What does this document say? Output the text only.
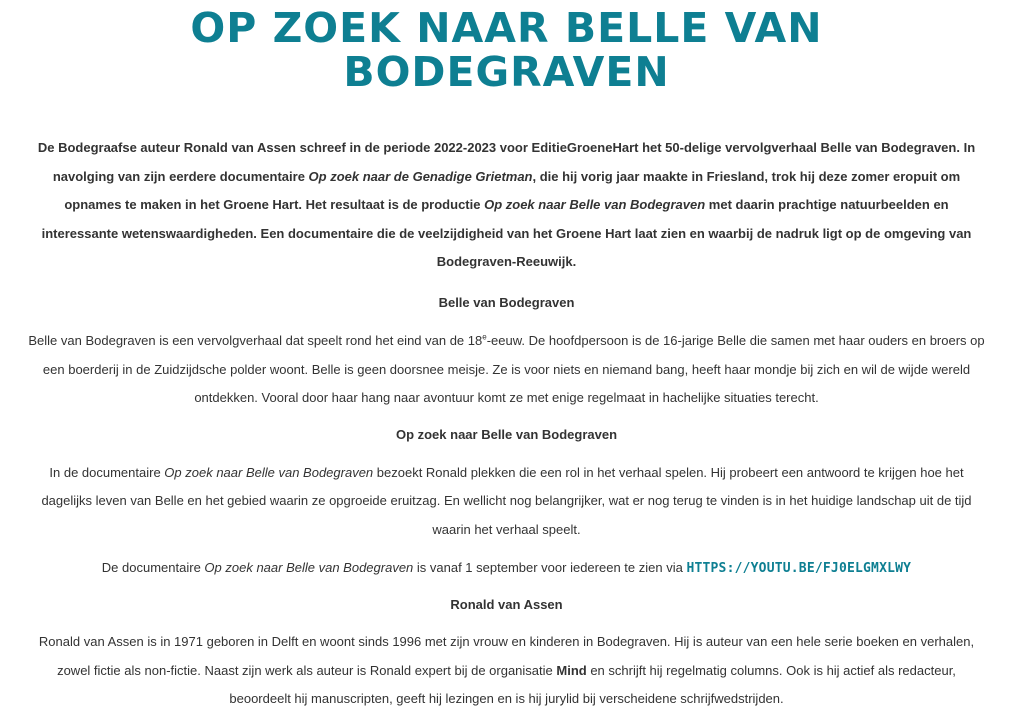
OP ZOEK NAAR BELLE VAN BODEGRAVEN

De Bodegraafse auteur Ronald van Assen schreef in de periode 2022-2023 voor EditieGroeneHart het 50-delige vervolgverhaal Belle van Bodegraven. In navolging van zijn eerdere documentaire Op zoek naar de Genadige Grietman, die hij vorig jaar maakte in Friesland, trok hij deze zomer eropuit om opnames te maken in het Groene Hart. Het resultaat is de productie Op zoek naar Belle van Bodegraven met daarin prachtige natuurbeelden en interessante wetenswaardigheden. Een documentaire die de veelzijdigheid van het Groene Hart laat zien en waarbij de nadruk ligt op de omgeving van Bodegraven-Reeuwijk.

Belle van Bodegraven

Belle van Bodegraven is een vervolgverhaal dat speelt rond het eind van de 18e-eeuw. De hoofdpersoon is de 16-jarige Belle die samen met haar ouders en broers op een boerderij in de Zuidzijdsche polder woont. Belle is geen doorsnee meisje. Ze is voor niets en niemand bang, heeft haar mondje bij zich en wil de wijde wereld ontdekken. Vooral door haar hang naar avontuur komt ze met enige regelmaat in hachelijke situaties terecht.

Op zoek naar Belle van Bodegraven

In de documentaire Op zoek naar Belle van Bodegraven bezoekt Ronald plekken die een rol in het verhaal spelen. Hij probeert een antwoord te krijgen hoe het dagelijks leven van Belle en het gebied waarin ze opgroeide eruitzag. En wellicht nog belangrijker, wat er nog terug te vinden is in het huidige landschap uit de tijd waarin het verhaal speelt.

De documentaire Op zoek naar Belle van Bodegraven is vanaf 1 september voor iedereen te zien via HTTPS://YOUTU.BE/FJ0ELGMXLWY

Ronald van Assen

Ronald van Assen is in 1971 geboren in Delft en woont sinds 1996 met zijn vrouw en kinderen in Bodegraven. Hij is auteur van een hele serie boeken en verhalen, zowel fictie als non-fictie. Naast zijn werk als auteur is Ronald expert bij de organisatie Mind en schrijft hij regelmatig columns. Ook is hij actief als redacteur, beoordeelt hij manuscripten, geeft hij lezingen en is hij jurylid bij verscheidene schrijfwedstrijden.
